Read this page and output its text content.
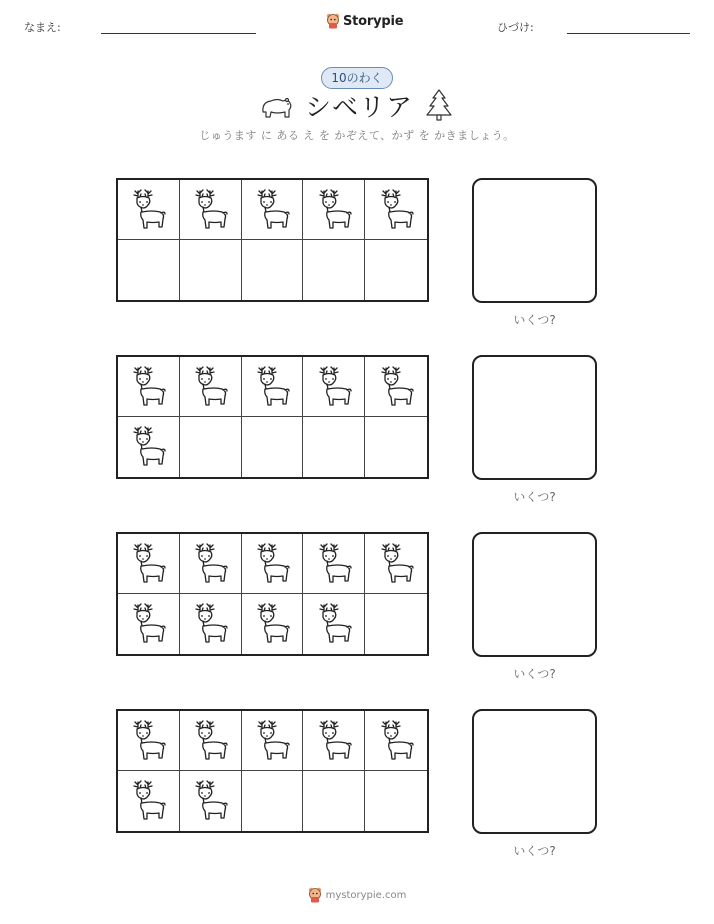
なまえ:	Storypie	ひづけ:
10のわく
シベリア
じゅうます に ある え を かぞえて、かず を かきましょう。
いくつ?
いくつ?
いくつ?
いくつ?
mystorypie.com
